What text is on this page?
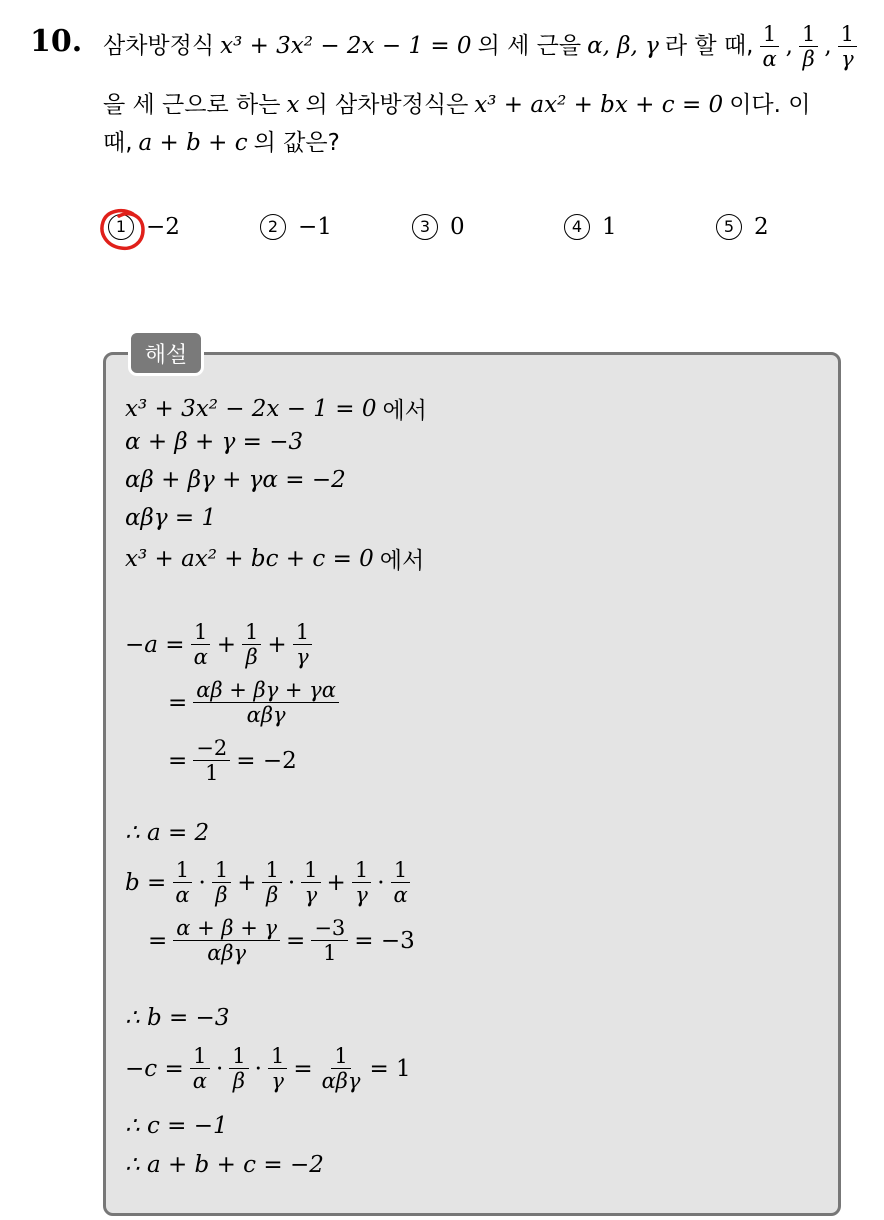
10. 삼차방정식 x³ + 3x² − 2x − 1 = 0 의 세 근을 α, β, γ 라 할 때, $\frac{1}{\alpha}$ , $\frac{1}{\beta}$ , $\frac{1}{\gamma}$
을 세 근으로 하는 x 의 삼차방정식은 x³ + ax² + bx + c = 0 이다. 이
때, a + b + c 의 값은?
1 −2	2 −1	3 0	4 1	5 2
해설
x³ + 3x² − 2x − 1 = 0 에서
α + β + γ = −3
αβ + βγ + γα = −2
αβγ = 1
x³ + ax² + bc + c = 0 에서
$-a = \frac{1}{\alpha} + \frac{1}{\beta} + \frac{1}{\gamma}$
= $\frac{\alpha\beta + \beta\gamma + \gamma\alpha}{\text{αβγ}}$
= $\frac{-2}{1} = -2$
∴ a = 2
$b = \frac{1}{\alpha} \cdot \frac{1}{\beta} + \frac{1}{\beta} \cdot \frac{1}{\gamma} + \frac{1}{\gamma} \cdot \frac{1}{\alpha}$
= $\frac{\alpha + \beta + \gamma}{\text{αβγ}} = \frac{-3}{1} = -3$
∴ b = −3
$-c = \frac{1}{\alpha} \cdot \frac{1}{\beta} \cdot \frac{1}{\gamma} = \frac{1}{\text{αβγ}} = 1$
∴ c = −1
∴ a + b + c = −2
